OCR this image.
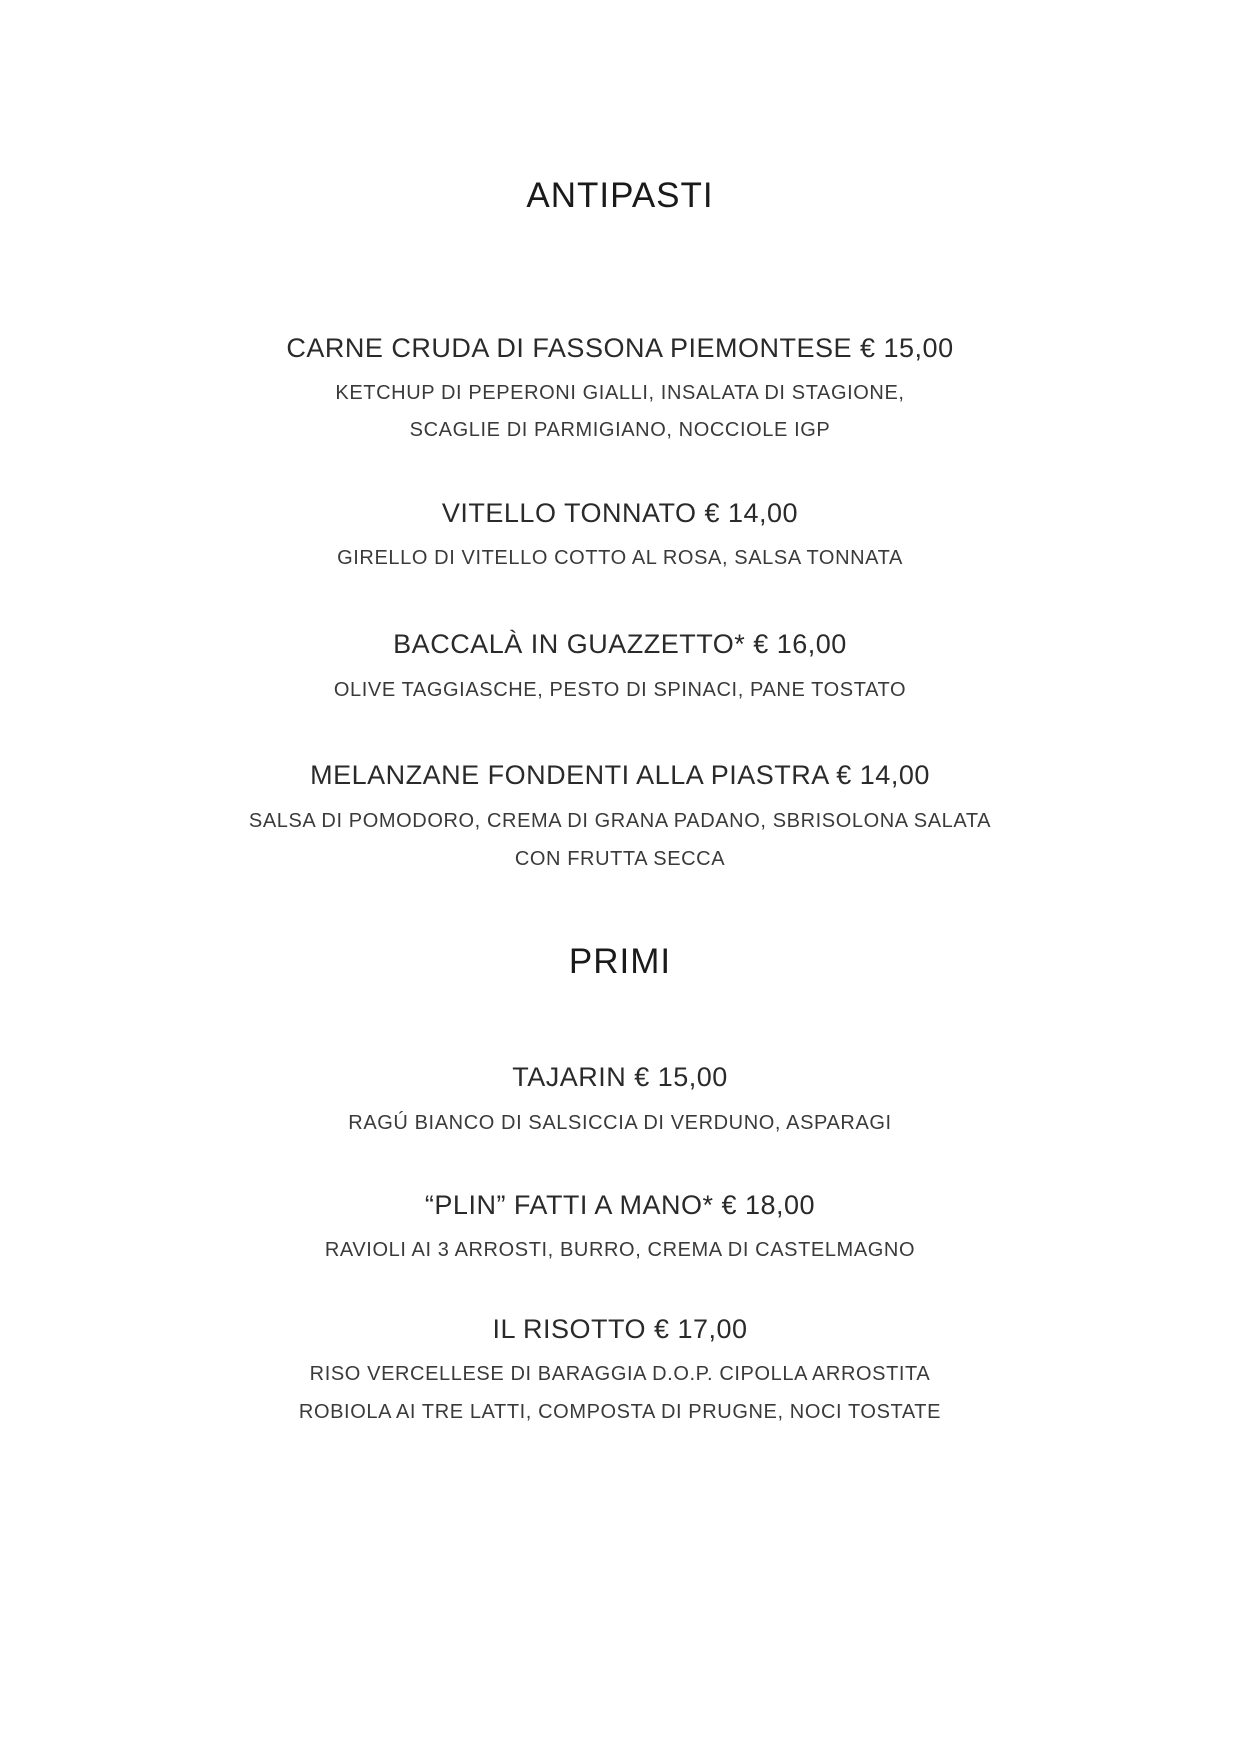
ANTIPASTI
CARNE CRUDA DI FASSONA PIEMONTESE € 15,00
KETCHUP DI PEPERONI GIALLI, INSALATA DI STAGIONE,
SCAGLIE DI PARMIGIANO, NOCCIOLE IGP
VITELLO TONNATO € 14,00
GIRELLO DI VITELLO COTTO AL ROSA, SALSA TONNATA
BACCALÀ IN GUAZZETTO* € 16,00
OLIVE TAGGIASCHE, PESTO DI SPINACI, PANE TOSTATO
MELANZANE FONDENTI ALLA PIASTRA € 14,00
SALSA DI POMODORO, CREMA DI GRANA PADANO, SBRISOLONA SALATA
CON FRUTTA SECCA
PRIMI
TAJARIN € 15,00
RAGÚ BIANCO DI SALSICCIA DI VERDUNO, ASPARAGI
“PLIN” FATTI A MANO* € 18,00
RAVIOLI AI 3 ARROSTI, BURRO, CREMA DI CASTELMAGNO
IL RISOTTO € 17,00
RISO VERCELLESE DI BARAGGIA D.O.P. CIPOLLA ARROSTITA
ROBIOLA AI TRE LATTI, COMPOSTA DI PRUGNE, NOCI TOSTATE
